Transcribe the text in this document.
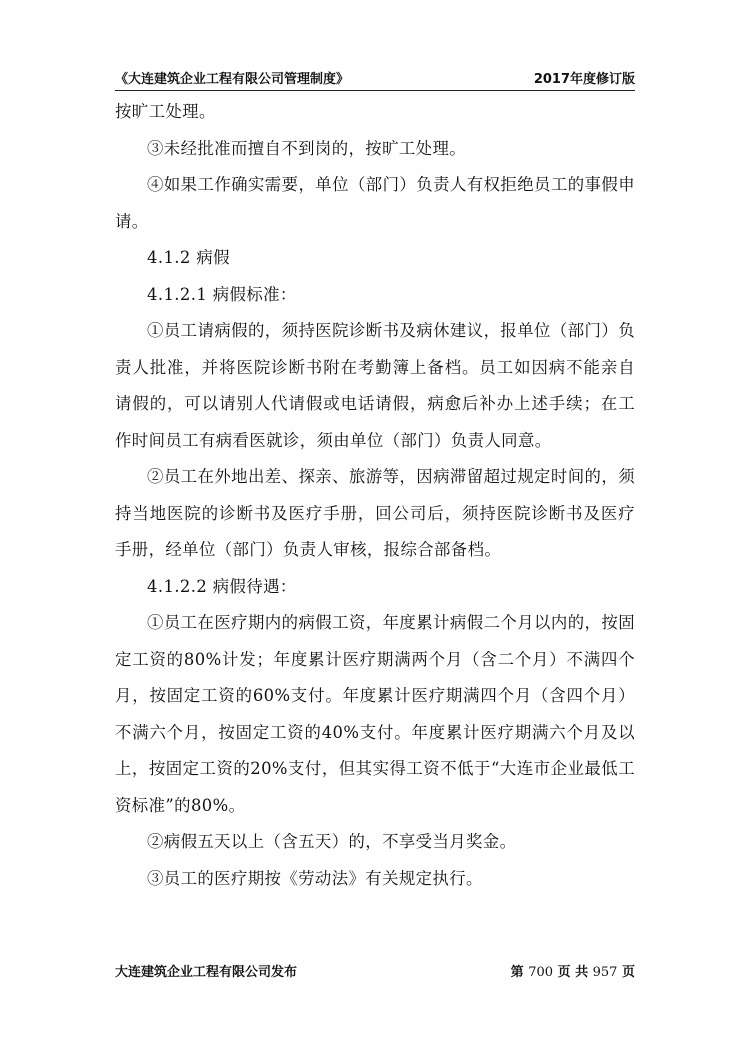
《大连建筑企业工程有限公司管理制度》	2017年度修订版

按旷工处理。

③未经批准而擅自不到岗的，按旷工处理。

④如果工作确实需要，单位（部门）负责人有权拒绝员工的事假申请。

4.1.2 病假

4.1.2.1 病假标准：

①员工请病假的，须持医院诊断书及病休建议，报单位（部门）负责人批准，并将医院诊断书附在考勤簿上备档。员工如因病不能亲自请假的，可以请别人代请假或电话请假，病愈后补办上述手续；在工作时间员工有病看医就诊，须由单位（部门）负责人同意。

②员工在外地出差、探亲、旅游等，因病滞留超过规定时间的，须持当地医院的诊断书及医疗手册，回公司后，须持医院诊断书及医疗手册，经单位（部门）负责人审核，报综合部备档。

4.1.2.2 病假待遇：

①员工在医疗期内的病假工资，年度累计病假二个月以内的，按固定工资的80%计发；年度累计医疗期满两个月（含二个月）不满四个月，按固定工资的60%支付。年度累计医疗期满四个月（含四个月）不满六个月，按固定工资的40%支付。年度累计医疗期满六个月及以上，按固定工资的20%支付，但其实得工资不低于“大连市企业最低工资标准”的80%。

②病假五天以上（含五天）的，不享受当月奖金。

③员工的医疗期按《劳动法》有关规定执行。

大连建筑企业工程有限公司发布	第 700 页 共 957 页
